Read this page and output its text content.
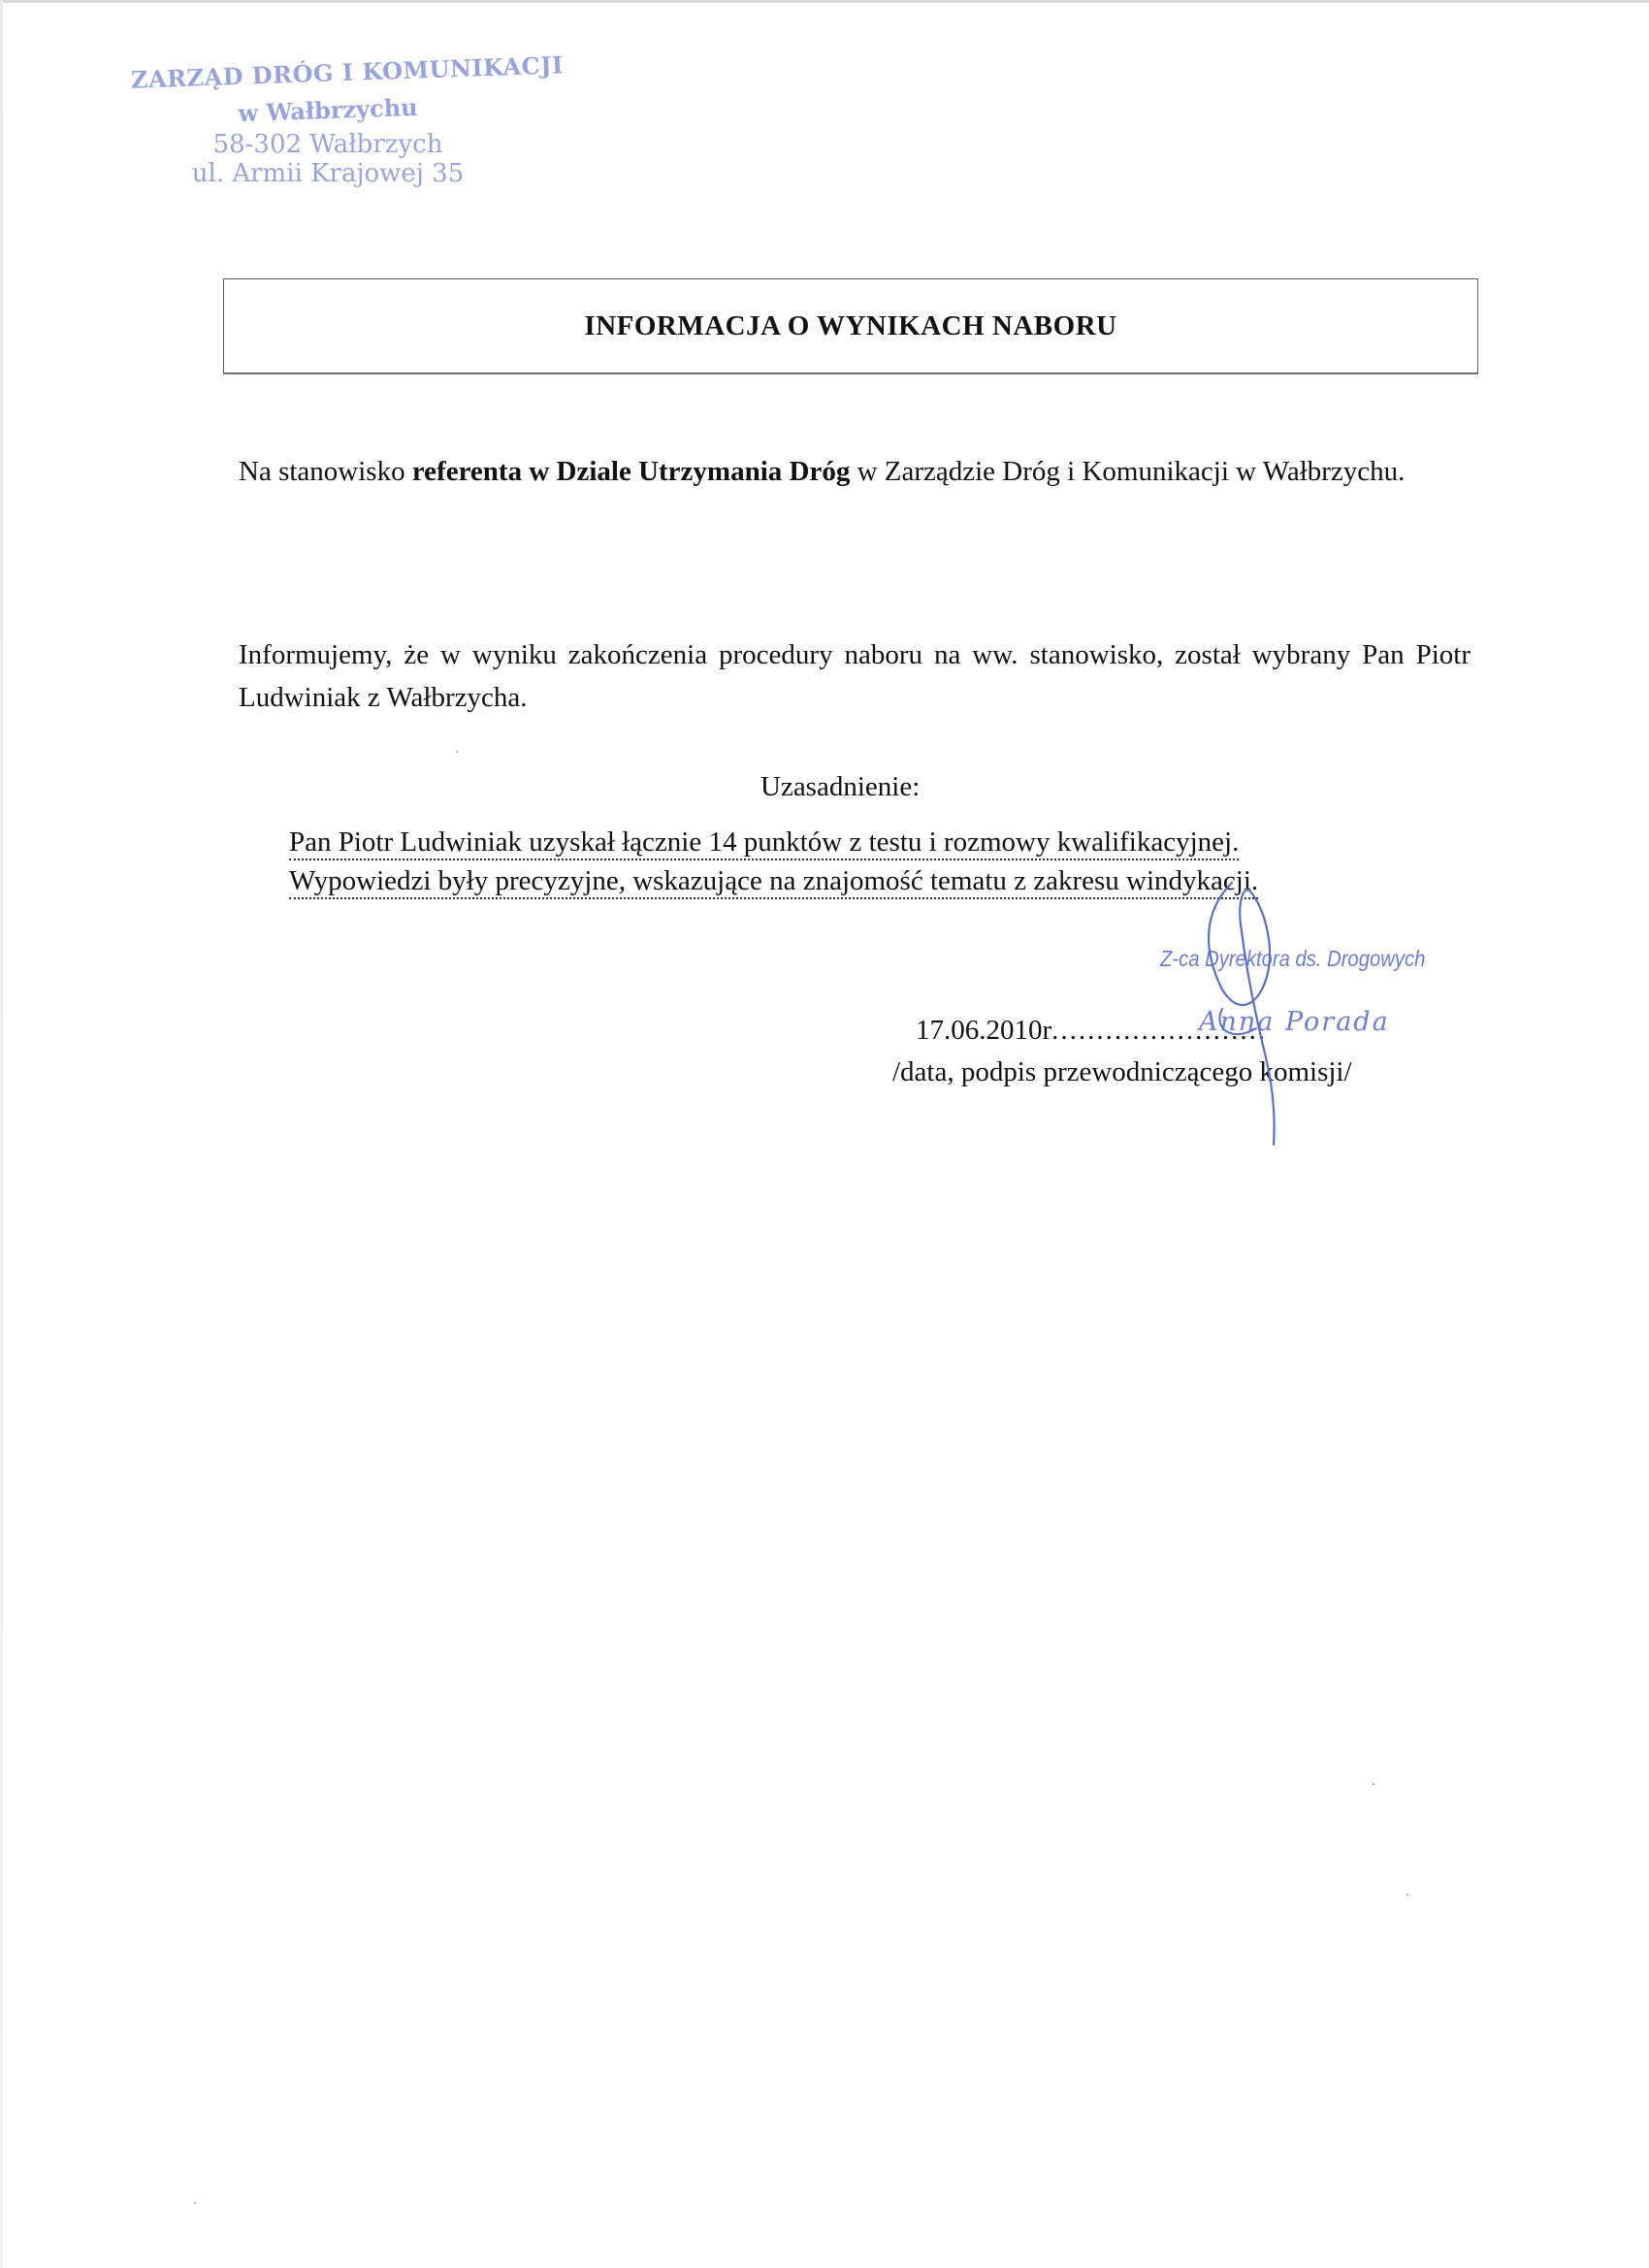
ZARZĄD DRÓG I KOMUNIKACJI
w Wałbrzychu
58-302 Wałbrzych
ul. Armii Krajowej 35
INFORMACJA O WYNIKACH NABORU
Na stanowisko referenta w Dziale Utrzymania Dróg w Zarządzie Dróg i Komunikacji w Wałbrzychu.
Informujemy, że w wyniku zakończenia procedury naboru na ww. stanowisko, został wybrany Pan Piotr Ludwiniak z Wałbrzycha.
Uzasadnienie:
Pan Piotr Ludwiniak uzyskał łącznie 14 punktów z testu i rozmowy kwalifikacyjnej.
Wypowiedzi były precyzyjne, wskazujące na znajomość tematu z zakresu windykacji.
Z-ca Dyrektora ds. Drogowych
17.06.2010r........................
Anna Porada
/data, podpis przewodniczącego komisji/
